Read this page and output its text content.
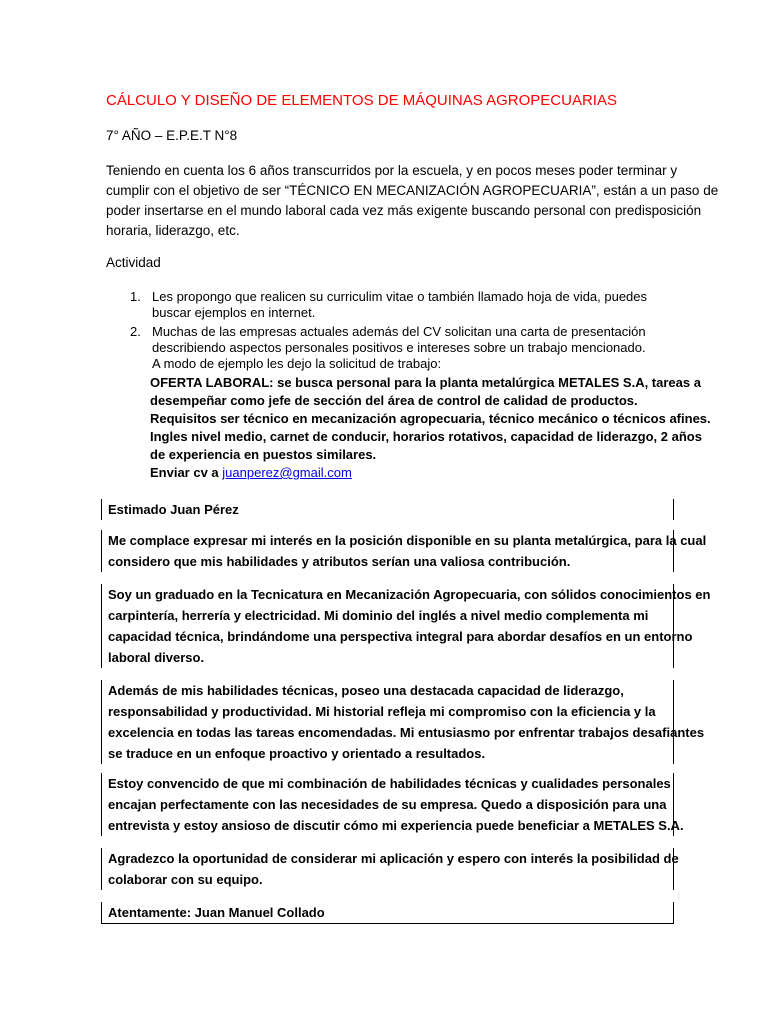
CÁLCULO Y DISEÑO DE ELEMENTOS DE MÁQUINAS AGROPECUARIAS
7° AÑO – E.P.E.T N°8
Teniendo en cuenta los 6 años transcurridos por la escuela, y en pocos meses poder terminar y
cumplir con el objetivo de ser “TÉCNICO EN MECANIZACIÓN AGROPECUARIA”, están a un paso de
poder insertarse en el mundo laboral cada vez más exigente buscando personal con predisposición
horaria, liderazgo, etc.
Actividad
1. Les propongo que realicen su curriculim vitae o también llamado hoja de vida, puedes
buscar ejemplos en internet.
2. Muchas de las empresas actuales además del CV solicitan una carta de presentación
describiendo aspectos personales positivos e intereses sobre un trabajo mencionado.
A modo de ejemplo les dejo la solicitud de trabajo:
OFERTA LABORAL: se busca personal para la planta metalúrgica METALES S.A, tareas a
desempeñar como jefe de sección del área de control de calidad de productos.
Requisitos ser técnico en mecanización agropecuaria, técnico mecánico o técnicos afines.
Ingles nivel medio, carnet de conducir, horarios rotativos, capacidad de liderazgo, 2 años
de experiencia en puestos similares.
Enviar cv a juanperez@gmail.com
Estimado Juan Pérez
Me complace expresar mi interés en la posición disponible en su planta metalúrgica, para la cual
considero que mis habilidades y atributos serían una valiosa contribución.
Soy un graduado en la Tecnicatura en Mecanización Agropecuaria, con sólidos conocimientos en
carpintería, herrería y electricidad. Mi dominio del inglés a nivel medio complementa mi
capacidad técnica, brindándome una perspectiva integral para abordar desafíos en un entorno
laboral diverso.
Además de mis habilidades técnicas, poseo una destacada capacidad de liderazgo,
responsabilidad y productividad. Mi historial refleja mi compromiso con la eficiencia y la
excelencia en todas las tareas encomendadas. Mi entusiasmo por enfrentar trabajos desafiantes
se traduce en un enfoque proactivo y orientado a resultados.
Estoy convencido de que mi combinación de habilidades técnicas y cualidades personales
encajan perfectamente con las necesidades de su empresa. Quedo a disposición para una
entrevista y estoy ansioso de discutir cómo mi experiencia puede beneficiar a METALES S.A.
Agradezco la oportunidad de considerar mi aplicación y espero con interés la posibilidad de
colaborar con su equipo.
Atentamente: Juan Manuel Collado
